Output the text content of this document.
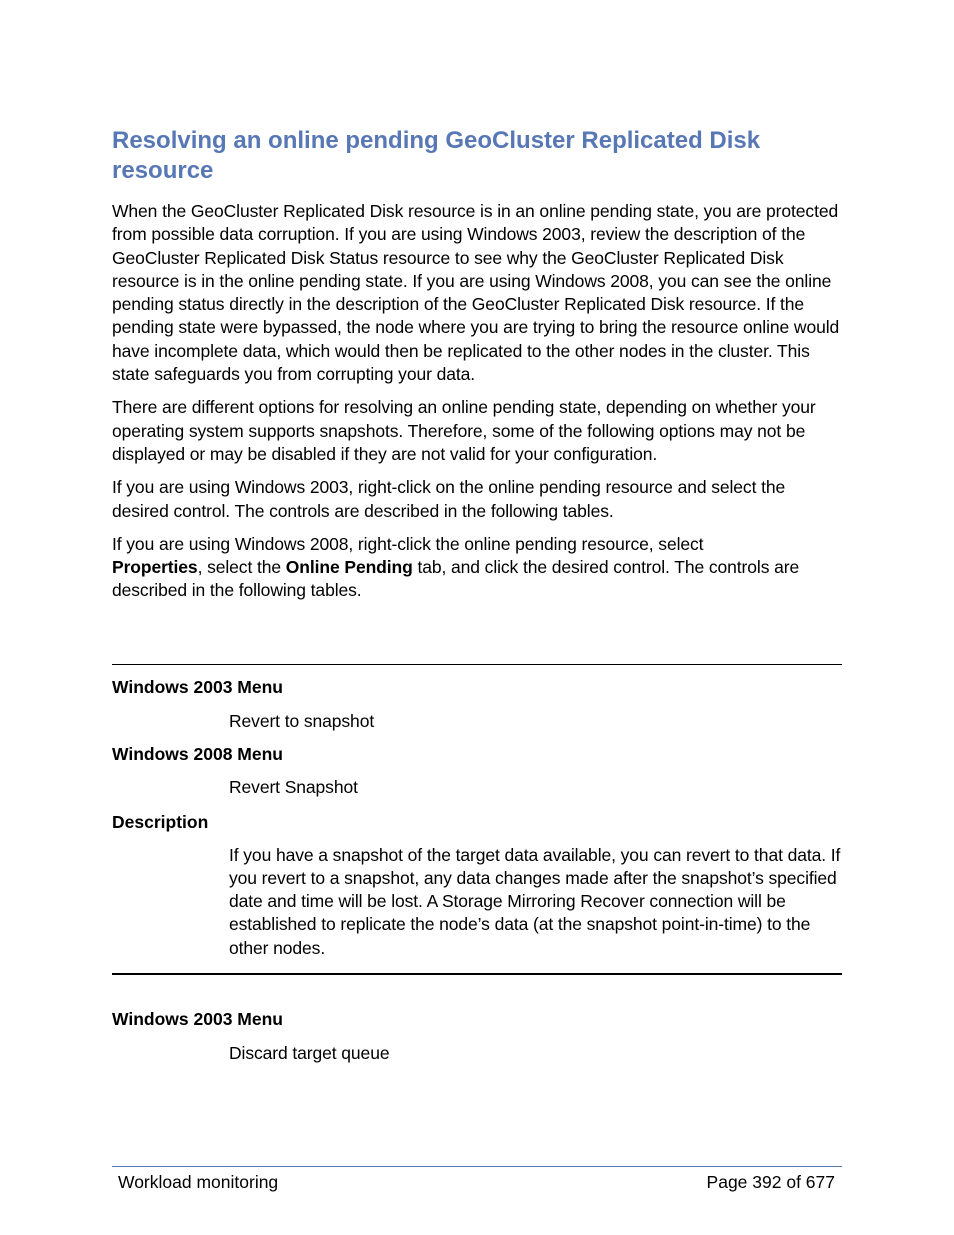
Resolving an online pending GeoCluster Replicated Disk resource

When the GeoCluster Replicated Disk resource is in an online pending state, you are protected from possible data corruption. If you are using Windows 2003, review the description of the GeoCluster Replicated Disk Status resource to see why the GeoCluster Replicated Disk resource is in the online pending state. If you are using Windows 2008, you can see the online pending status directly in the description of the GeoCluster Replicated Disk resource. If the pending state were bypassed, the node where you are trying to bring the resource online would have incomplete data, which would then be replicated to the other nodes in the cluster. This state safeguards you from corrupting your data.

There are different options for resolving an online pending state, depending on whether your operating system supports snapshots. Therefore, some of the following options may not be displayed or may be disabled if they are not valid for your configuration.

If you are using Windows 2003, right-click on the online pending resource and select the desired control. The controls are described in the following tables.

If you are using Windows 2008, right-click the online pending resource, select
Properties, select the Online Pending tab, and click the desired control. The controls are described in the following tables.

Windows 2003 Menu

Revert to snapshot

Windows 2008 Menu

Revert Snapshot

Description

If you have a snapshot of the target data available, you can revert to that data. If you revert to a snapshot, any data changes made after the snapshot’s specified date and time will be lost. A Storage Mirroring Recover connection will be established to replicate the node’s data (at the snapshot point-in-time) to the other nodes.

Windows 2003 Menu

Discard target queue

Workload monitoring	Page 392 of 677
